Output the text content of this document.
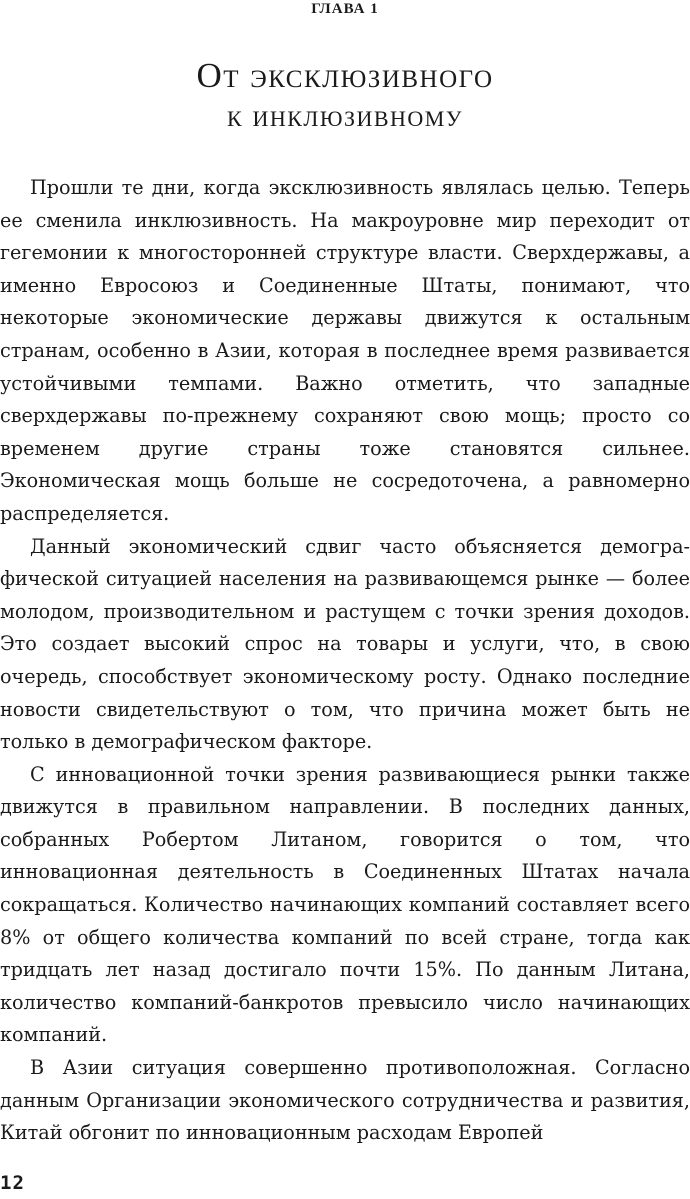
ГЛАВА 1
От эксклюзивного
к инклюзивному

Прошли те дни, когда эксклюзивность являлась целью. Теперь ее сменила инклюзивность. На макроуровне мир переходит от гегемонии к многосторонней структуре власти. Сверхдержавы, а именно Евросоюз и Соединенные Штаты, понимают, что некоторые экономические державы движутся к остальным странам, особенно в Азии, которая в последнее время развивается устойчивыми темпами. Важно отметить, что западные сверхдержавы по-прежнему сохраняют свою мощь; просто со временем другие страны тоже становятся сильнее. Экономическая мощь больше не сосредоточена, а равномерно распределяется.

Данный экономический сдвиг часто объясняется демографической ситуацией населения на развивающемся рынке — более молодом, производительном и растущем с точки зрения доходов. Это создает высокий спрос на товары и услуги, что, в свою очередь, способствует экономическому росту. Однако последние новости свидетельствуют о том, что причина может быть не только в демографическом факторе.

С инновационной точки зрения развивающиеся рынки также движутся в правильном направлении. В последних данных, собранных Робертом Литаном, говорится о том, что инновационная деятельность в Соединенных Штатах начала сокращаться. Количество начинающих компаний составляет всего 8% от общего количества компаний по всей стране, тогда как тридцать лет назад достигало почти 15%. По данным Литана, количество компаний-банкротов превысило число начинающих компаний.

В Азии ситуация совершенно противоположная. Согласно данным Организации экономического сотрудничества и развития, Китай обгонит по инновационным расходам Европей

12
